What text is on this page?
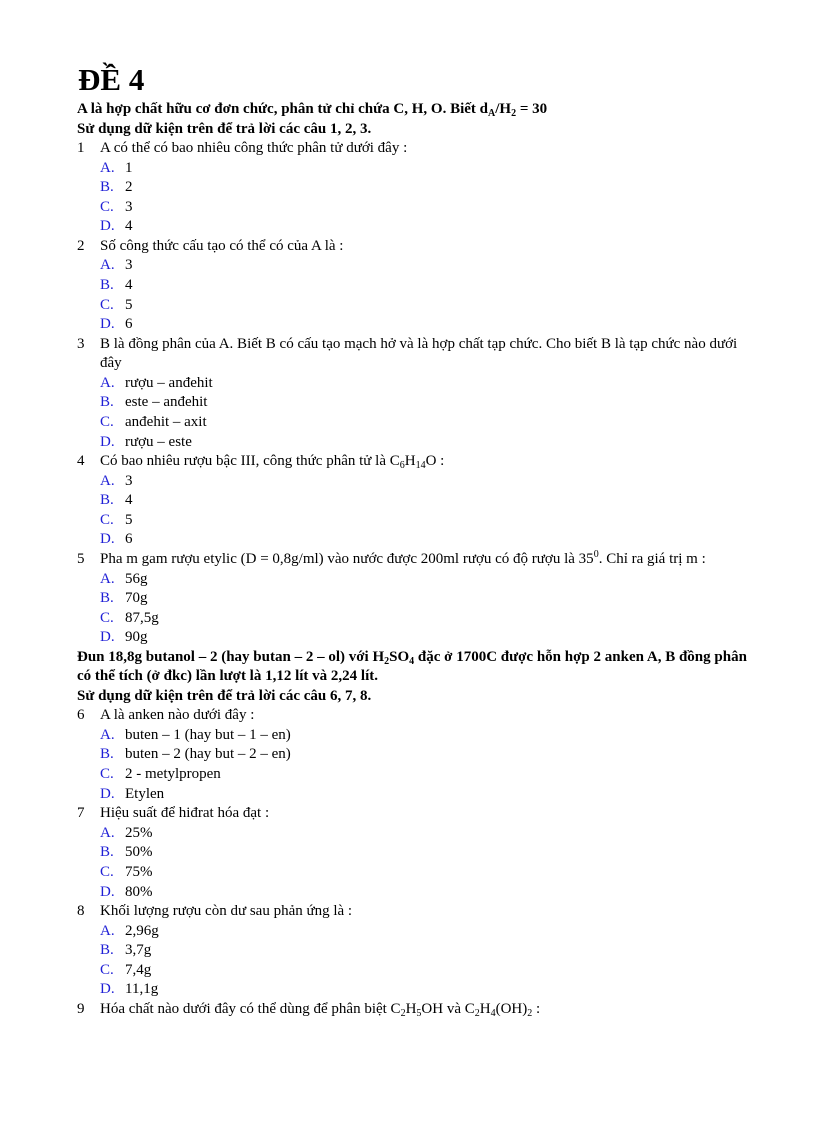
ĐỀ 4
A là hợp chất hữu cơ đơn chức, phân tử chỉ chứa C, H, O. Biết $d_A/H_2 = 30$
Sử dụng dữ kiện trên để trả lời các câu 1, 2, 3.
1	A có thể có bao nhiêu công thức phân tử dưới đây :
A. 1
B. 2
C. 3
D. 4
2	Số công thức cấu tạo có thể có của A là :
A. 3
B. 4
C. 5
D. 6
3	B là đồng phân của A. Biết B có cấu tạo mạch hở và là hợp chất tạp chức. Cho biết B là tạp chức nào dưới đây
A. rượu – anđehit
B. este – anđehit
C. anđehit – axit
D. rượu – este
4	Có bao nhiêu rượu bậc III, công thức phân tử là $C_6H_{14}O$ :
A. 3
B. 4
C. 5
D. 6
5	Pha m gam rượu etylic (D = 0,8g/ml) vào nước được 200ml rượu có độ rượu là $35^0$. Chỉ ra giá trị m :
A. 56g
B. 70g
C. 87,5g
D. 90g
Đun 18,8g butanol – 2 (hay butan – 2 – ol) với $H_2SO_4$ đặc ở 1700C được hỗn hợp 2 anken A, B đồng phân có thể tích (ở đkc) lần lượt là 1,12 lít và 2,24 lít.
Sử dụng dữ kiện trên để trả lời các câu 6, 7, 8.
6	A là anken nào dưới đây :
A. buten – 1 (hay but – 1 – en)
B. buten – 2 (hay but – 2 – en)
C. 2 - metylpropen
D. Etylen
7	Hiệu suất để hiđrat hóa đạt :
A. 25%
B. 50%
C. 75%
D. 80%
8	Khối lượng rượu còn dư sau phản ứng là :
A. 2,96g
B. 3,7g
C. 7,4g
D. 11,1g
9	Hóa chất nào dưới đây có thể dùng để phân biệt $C_2H_5OH$ và $C_2H_4(OH)_2$ :
